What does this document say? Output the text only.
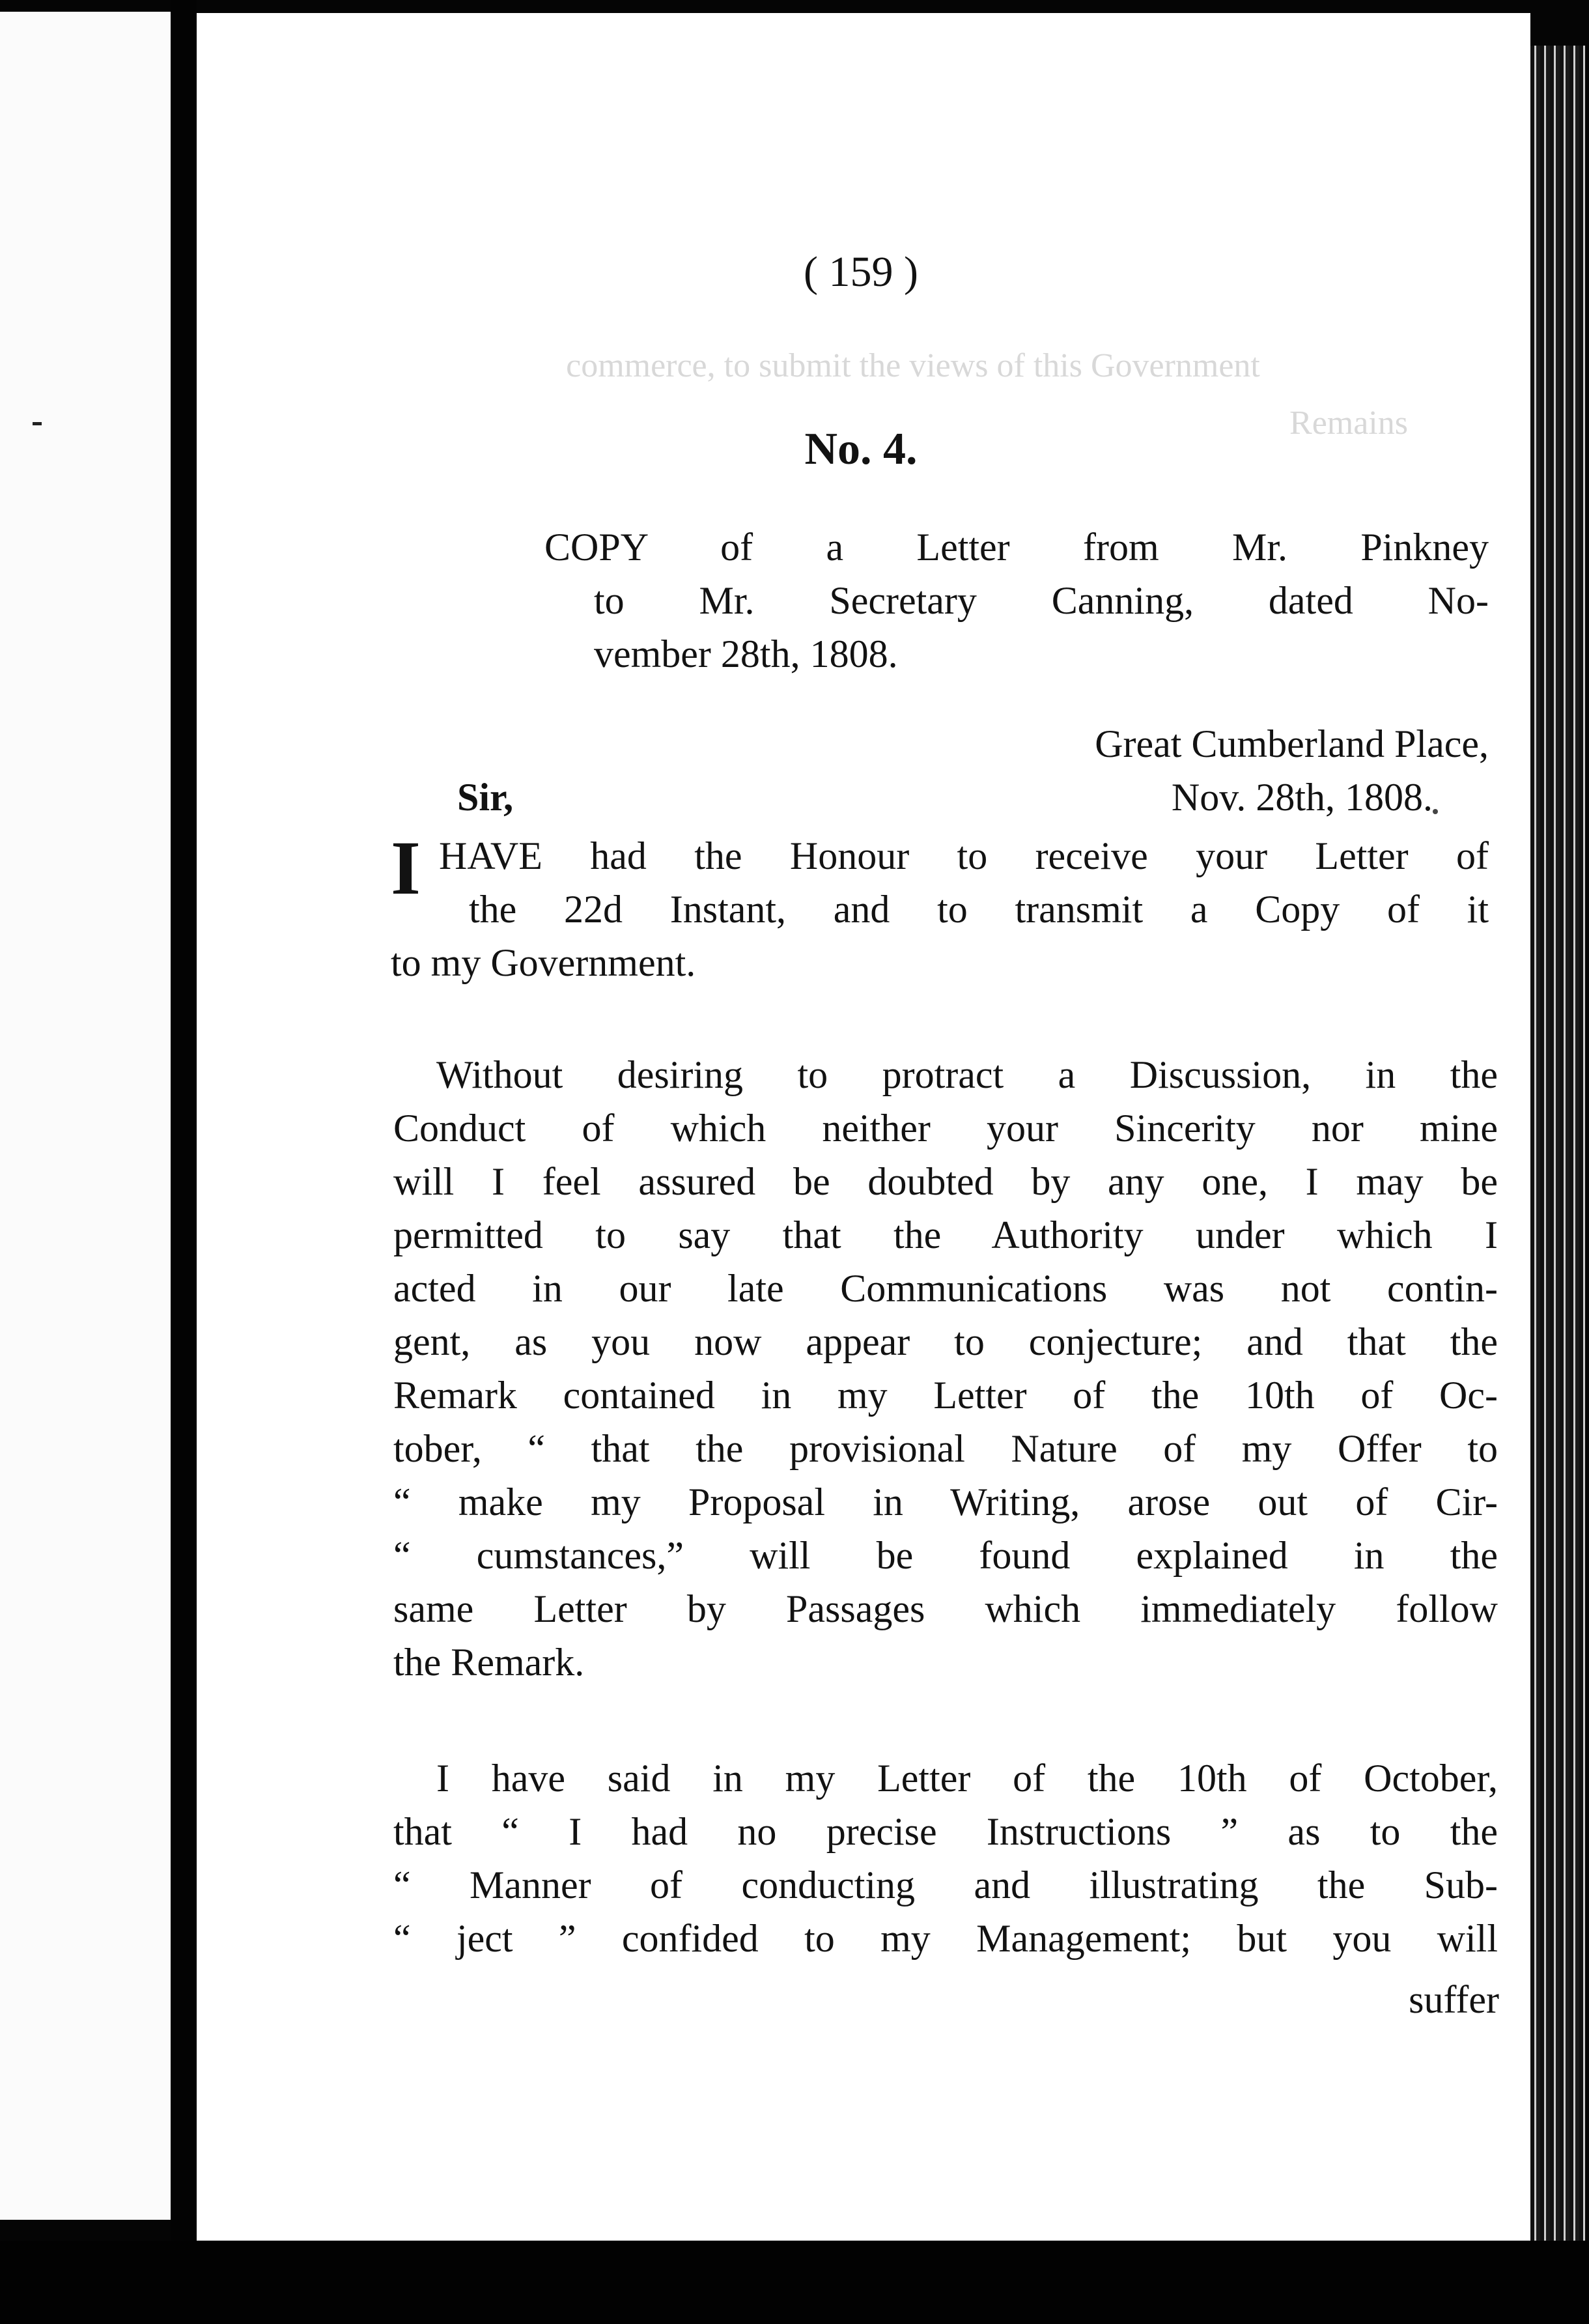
( 159 )

commerce, to submit the views of this Government

Remains

No. 4.

COPY of a Letter from Mr. Pinkney

to Mr. Secretary Canning, dated No-

vember 28th, 1808.

Great Cumberland Place,

Sir,	Nov. 28th, 1808.

I HAVE had the Honour to receive your Letter of

the 22d Instant, and to transmit a Copy of it

to my Government.

Without desiring to protract a Discussion, in the

Conduct of which neither your Sincerity nor mine

will I feel assured be doubted by any one, I may be

permitted to say that the Authority under which I

acted in our late Communications was not contin-

gent, as you now appear to conjecture; and that the

Remark contained in my Letter of the 10th of Oc-

tober, “ that the provisional Nature of my Offer to

“ make my Proposal in Writing, arose out of Cir-

“ cumstances,” will be found explained in the

same Letter by Passages which immediately follow

the Remark.

I have said in my Letter of the 10th of October,

that “ I had no precise Instructions ” as to the

“ Manner of conducting and illustrating the Sub-

“ ject ” confided to my Management; but you will

suffer
